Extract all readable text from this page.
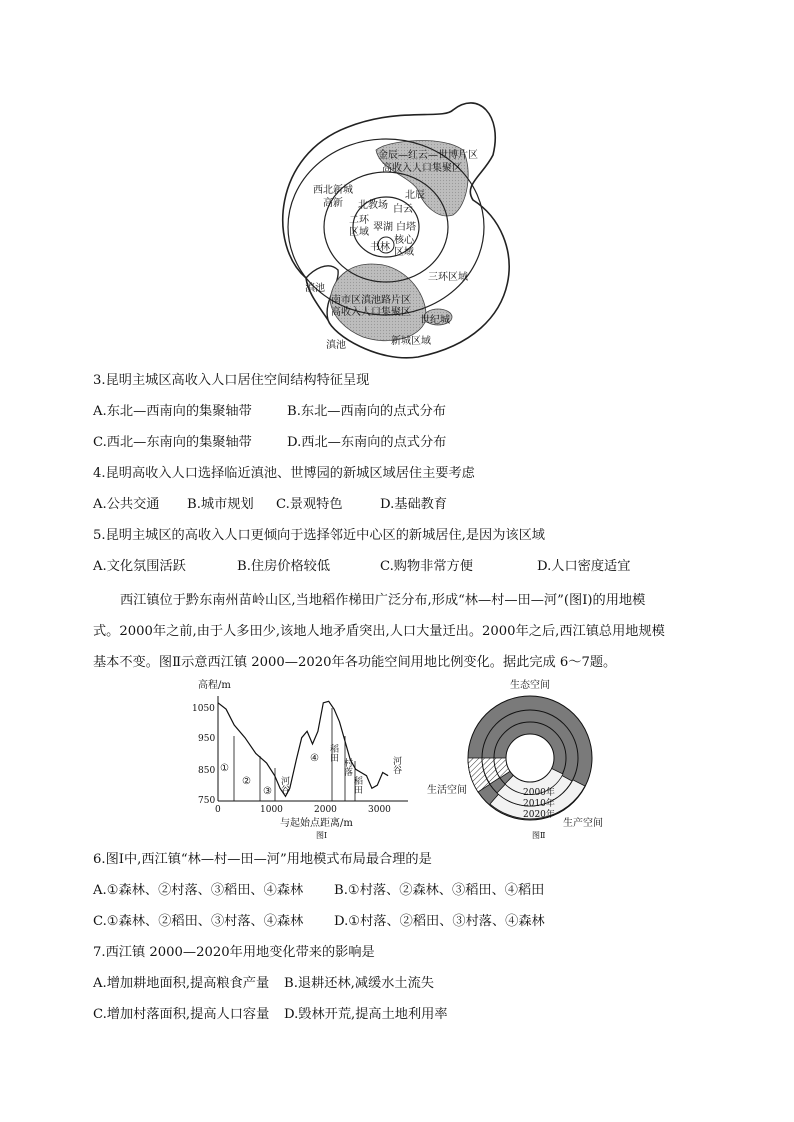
金辰—红云—世博片区
高收入人口集聚区
西北新城
高新 北教场
北辰
白云
二环
区域 翠湖 白塔
核心
区域
书林
三环区域
滇池
南市区滇池路片区
高收入人口集聚区
世纪城
滇池	新城区域
3.昆明主城区高收入人口居住空间结构特征呈现
A.东北—西南向的集聚轴带	B.东北—西南向的点式分布
C.西北—东南向的集聚轴带	D.西北—东南向的点式分布
4.昆明高收入人口选择临近滇池、世博园的新城区域居住主要考虑
A.公共交通 B.城市规划 C.景观特色	D.基础教育
5.昆明主城区的高收入人口更倾向于选择邻近中心区的新城居住,是因为该区域
A.文化氛围活跃	B.住房价格较低	C.购物非常方便	D.人口密度适宜
西江镇位于黔东南州苗岭山区,当地稻作梯田广泛分布,形成“林—村—田—河”(图Ⅰ)的用地模
式。2000年之前,由于人多田少,该地人地矛盾突出,人口大量迁出。2000年之后,西江镇总用地规模
基本不变。图Ⅱ示意西江镇 2000—2020年各功能空间用地比例变化。据此完成 6～7题。
高程/m
1050
950
850
750
0	1000	2000	3000
与起始点距离/m
图Ⅰ
①
②
③
④ 稻田
村落
稻田
河谷
河谷
生态空间
2000年
2010年
2020年
生活空间
生产空间
图Ⅱ
6.图Ⅰ中,西江镇“林—村—田—河”用地模式布局最合理的是
A.①森林、②村落、③稻田、④森林 B.①村落、②森林、③稻田、④稻田
C.①森林、②稻田、③村落、④森林 D.①村落、②稻田、③村落、④森林
7.西江镇 2000—2020年用地变化带来的影响是
A.增加耕地面积,提高粮食产量 B.退耕还林,减缓水土流失
C.增加村落面积,提高人口容量 D.毁林开荒,提高土地利用率
